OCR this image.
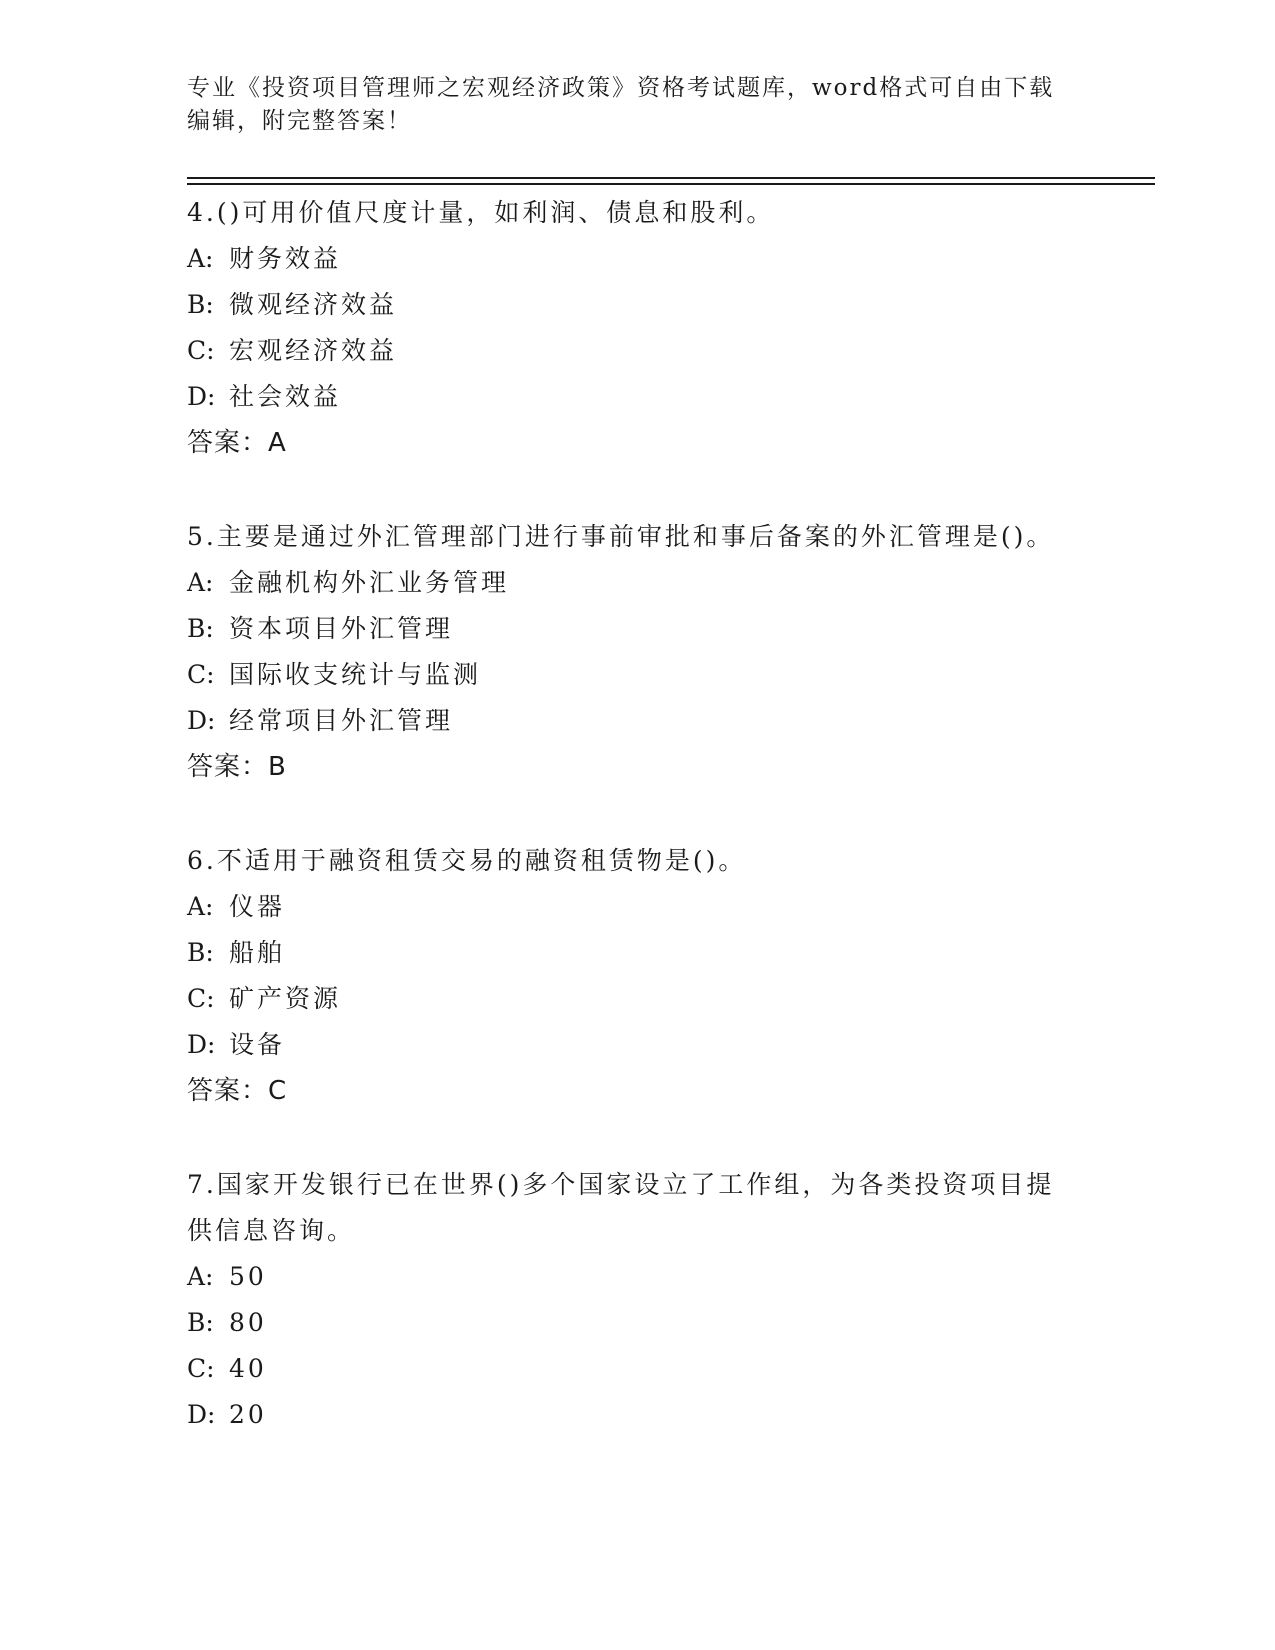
专业《投资项目管理师之宏观经济政策》资格考试题库，word格式可自由下载编辑，附完整答案！
4.()可用价值尺度计量，如利润、债息和股利。
A: 财务效益
B: 微观经济效益
C: 宏观经济效益
D: 社会效益
答案：A
5.主要是通过外汇管理部门进行事前审批和事后备案的外汇管理是()。
A: 金融机构外汇业务管理
B: 资本项目外汇管理
C: 国际收支统计与监测
D: 经常项目外汇管理
答案：B
6.不适用于融资租赁交易的融资租赁物是()。
A: 仪器
B: 船舶
C: 矿产资源
D: 设备
答案：C
7.国家开发银行已在世界()多个国家设立了工作组，为各类投资项目提供信息咨询。
A: 50
B: 80
C: 40
D: 20
